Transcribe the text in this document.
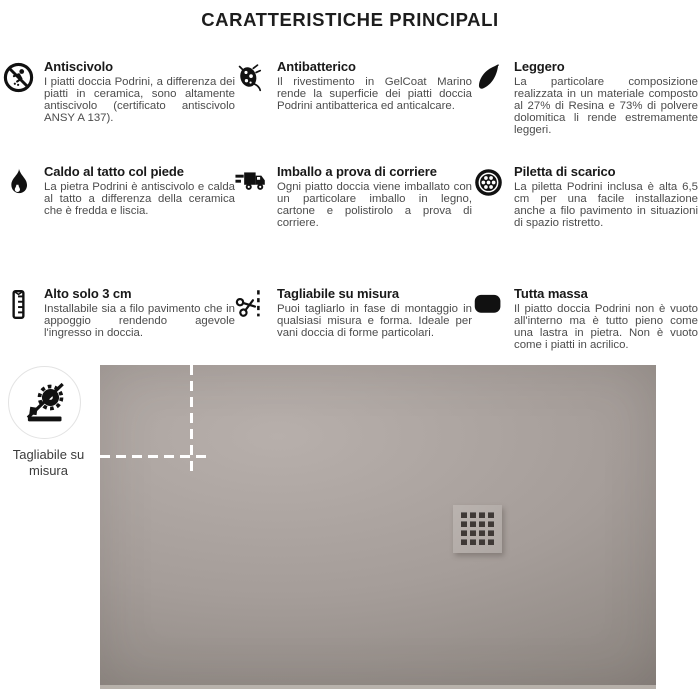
CARATTERISTICHE PRINCIPALI
Antiscivolo

I piatti doccia Podrini, a differenza dei piatti in ceramica, sono altamente antiscivolo (certificato antiscivolo ANSY A 137).

Antibatterico

Il rivestimento in GelCoat Marino rende la superficie dei piatti doccia Podrini antibatterica ed anticalcare.

Leggero

La particolare composizione realizzata in un materiale composto al 27% di Resina e 73% di polvere dolomitica li rende estremamente leggeri.

Caldo al tatto col piede

La pietra Podrini è antiscivolo e calda al tatto a differenza della ceramica che è fredda e liscia.

Imballo a prova di corriere

Ogni piatto doccia viene imballato con un particolare imballo in legno, cartone e polistirolo a prova di corriere.

Piletta di scarico

La piletta Podrini inclusa è alta 6,5 cm per una facile installazione anche a filo pavimento in situazioni di spazio ristretto.

Alto solo 3 cm

Installabile sia a filo pavimento che in appoggio rendendo agevole l'ingresso in doccia.

Tagliabile su misura

Puoi tagliarlo in fase di montaggio in qualsiasi misura e forma. Ideale per vani doccia di forme particolari.

Tutta massa

Il piatto doccia Podrini non è vuoto all'interno ma è tutto pieno come una lastra in pietra. Non è vuoto come i piatti in acrilico.

Tagliabile su misura
